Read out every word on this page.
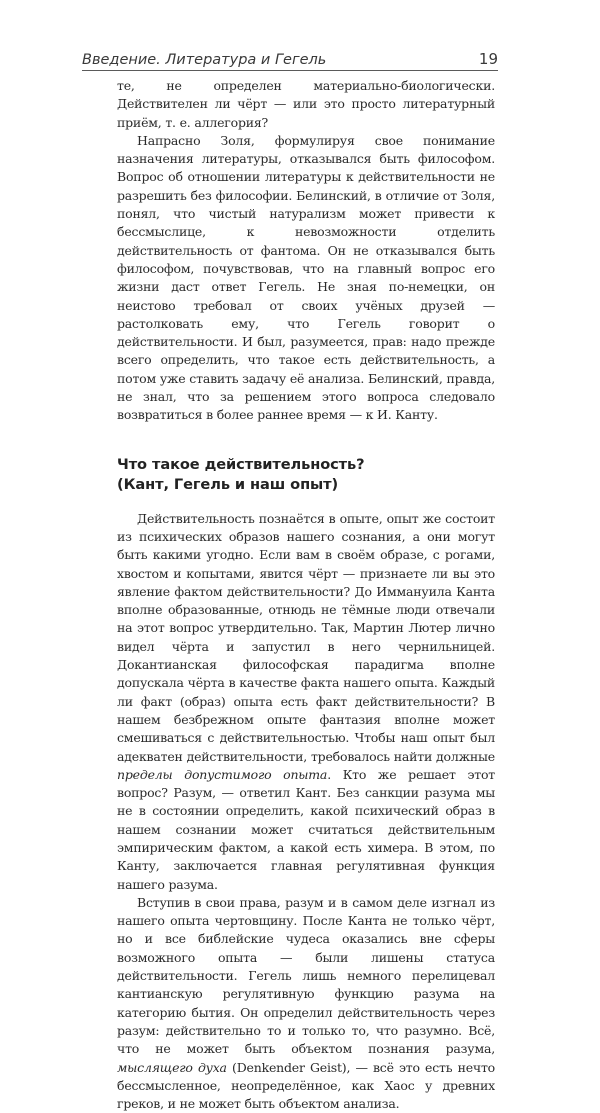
Введение. Литература и Гегель	19

те, не определен материально-биологически. Действителен ли чёрт — или это просто литературный приём, т. е. аллегория?

Напрасно Золя, формулируя свое понимание назначения литературы, отказывался быть философом. Вопрос об отношении литературы к действительности не разрешить без философии. Белинский, в отличие от Золя, понял, что чистый натурализм может привести к бессмыслице, к невозможности отделить действительность от фантома. Он не отказывался быть философом, почувствовав, что на главный вопрос его жизни даст ответ Гегель. Не зная по-немецки, он неистово требовал от своих учёных друзей — растолковать ему, что Гегель говорит о действительности. И был, разумеется, прав: надо прежде всего определить, что такое есть действительность, а потом уже ставить задачу её анализа. Белинский, правда, не знал, что за решением этого вопроса следовало возвратиться в более раннее время — к И. Канту.

Что такое действительность?
(Кант, Гегель и наш опыт)

Действительность познаётся в опыте, опыт же состоит из психических образов нашего сознания, а они могут быть какими угодно. Если вам в своём образе, с рогами, хвостом и копытами, явится чёрт — признаете ли вы это явление фактом действительности? До Иммануила Канта вполне образованные, отнюдь не тёмные люди отвечали на этот вопрос утвердительно. Так, Мартин Лютер лично видел чёрта и запустил в него чернильницей. Докантианская философская парадигма вполне допускала чёрта в качестве факта нашего опыта. Каждый ли факт (образ) опыта есть факт действительности? В нашем безбрежном опыте фантазия вполне может смешиваться с действительностью. Чтобы наш опыт был адекватен действительности, требовалось найти должные пределы допустимого опыта. Кто же решает этот вопрос? Разум, — ответил Кант. Без санкции разума мы не в состоянии определить, какой психический образ в нашем сознании может считаться действительным эмпирическим фактом, а какой есть химера. В этом, по Канту, заключается главная регулятивная функция нашего разума.

Вступив в свои права, разум и в самом деле изгнал из нашего опыта чертовщину. После Канта не только чёрт, но и все библейские чудеса оказались вне сферы возможного опыта — были лишены статуса действительности. Гегель лишь немного перелицевал кантианскую регулятивную функцию разума на категорию бытия. Он определил действительность через разум: действительно то и только то, что разумно. Всё, что не может быть объектом познания разума, мыслящего духа (Denkender Geist), — всё это есть нечто бессмысленное, неопределённое, как Хаос у древних греков, и не может быть объектом анализа.
